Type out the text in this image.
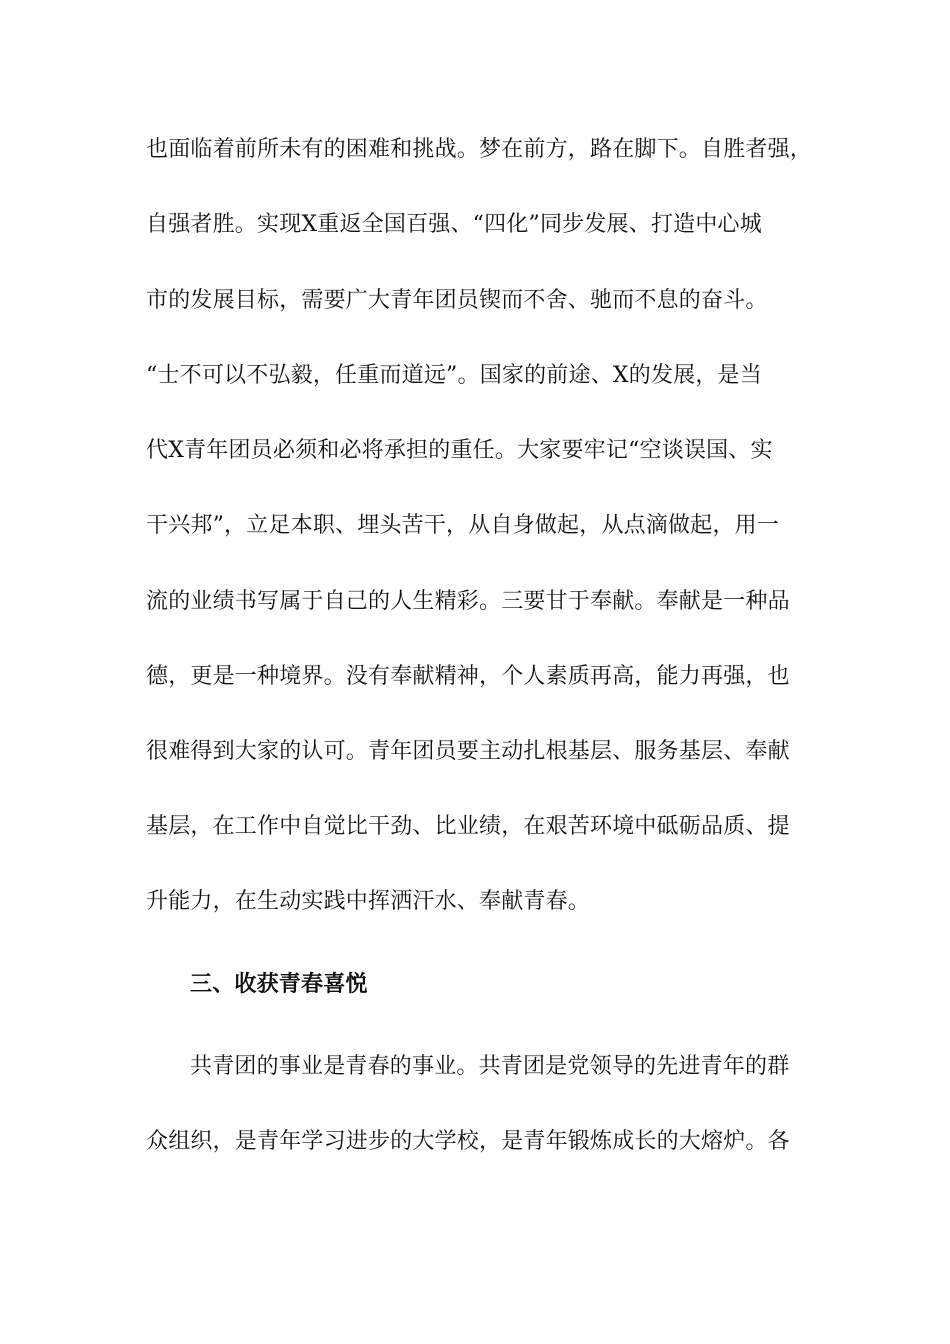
也面临着前所未有的困难和挑战。梦在前方，路在脚下。自胜者强，
自强者胜。实现X重返全国百强、“四化”同步发展、打造中心城
市的发展目标，需要广大青年团员锲而不舍、驰而不息的奋斗。
“士不可以不弘毅，任重而道远”。国家的前途、X的发展，是当
代X青年团员必须和必将承担的重任。大家要牢记“空谈误国、实
干兴邦”，立足本职、埋头苦干，从自身做起，从点滴做起，用一
流的业绩书写属于自己的人生精彩。三要甘于奉献。奉献是一种品
德，更是一种境界。没有奉献精神，个人素质再高，能力再强，也
很难得到大家的认可。青年团员要主动扎根基层、服务基层、奉献
基层，在工作中自觉比干劲、比业绩，在艰苦环境中砥砺品质、提
升能力，在生动实践中挥洒汗水、奉献青春。
三、收获青春喜悦
共青团的事业是青春的事业。共青团是党领导的先进青年的群
众组织，是青年学习进步的大学校，是青年锻炼成长的大熔炉。各
